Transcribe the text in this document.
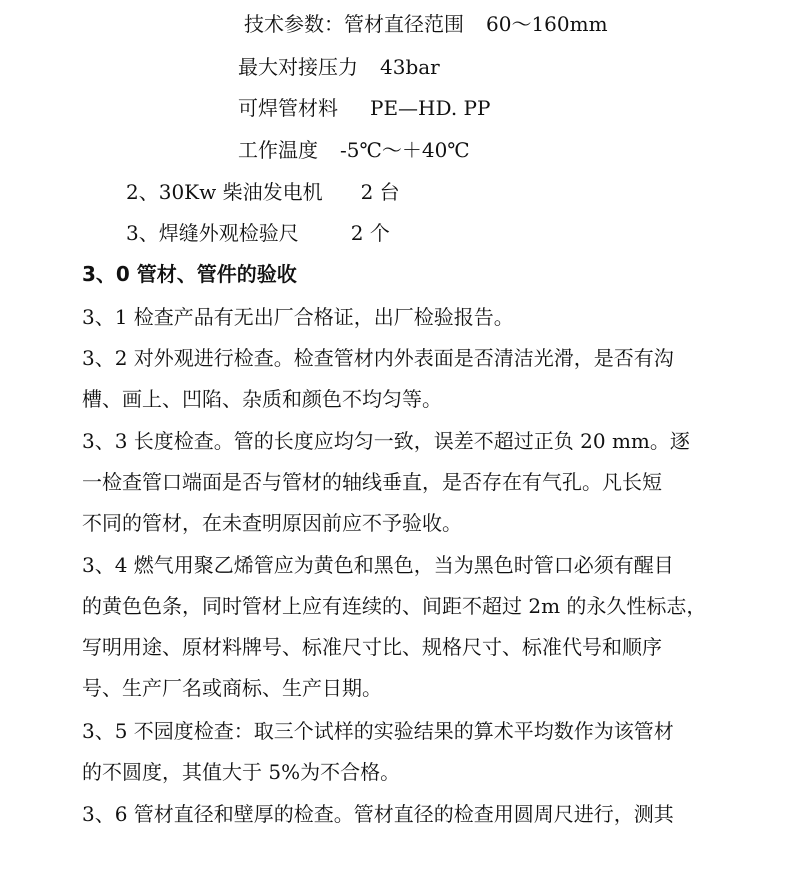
技术参数：管材直径范围 60～160mm
最大对接压力 43bar
可焊管材料 PE—HD. PP
工作温度 -5℃～＋40℃
2、30Kw 柴油发电机 2 台
3、焊缝外观检验尺	2 个
3、0 管材、管件的验收
3、1 检查产品有无出厂合格证，出厂检验报告。
3、2 对外观进行检查。检查管材内外表面是否清洁光滑，是否有沟
槽、画上、凹陷、杂质和颜色不均匀等。
3、3 长度检查。管的长度应均匀一致，误差不超过正负 20 mm。逐
一检查管口端面是否与管材的轴线垂直，是否存在有气孔。凡长短
不同的管材，在未查明原因前应不予验收。
3、4 燃气用聚乙烯管应为黄色和黑色，当为黑色时管口必须有醒目
的黄色色条，同时管材上应有连续的、间距不超过 2m 的永久性标志，
写明用途、原材料牌号、标准尺寸比、规格尺寸、标准代号和顺序
号、生产厂名或商标、生产日期。
3、5 不园度检查：取三个试样的实验结果的算术平均数作为该管材
的不圆度，其值大于 5%为不合格。
3、6 管材直径和壁厚的检查。管材直径的检查用圆周尺进行，测其
